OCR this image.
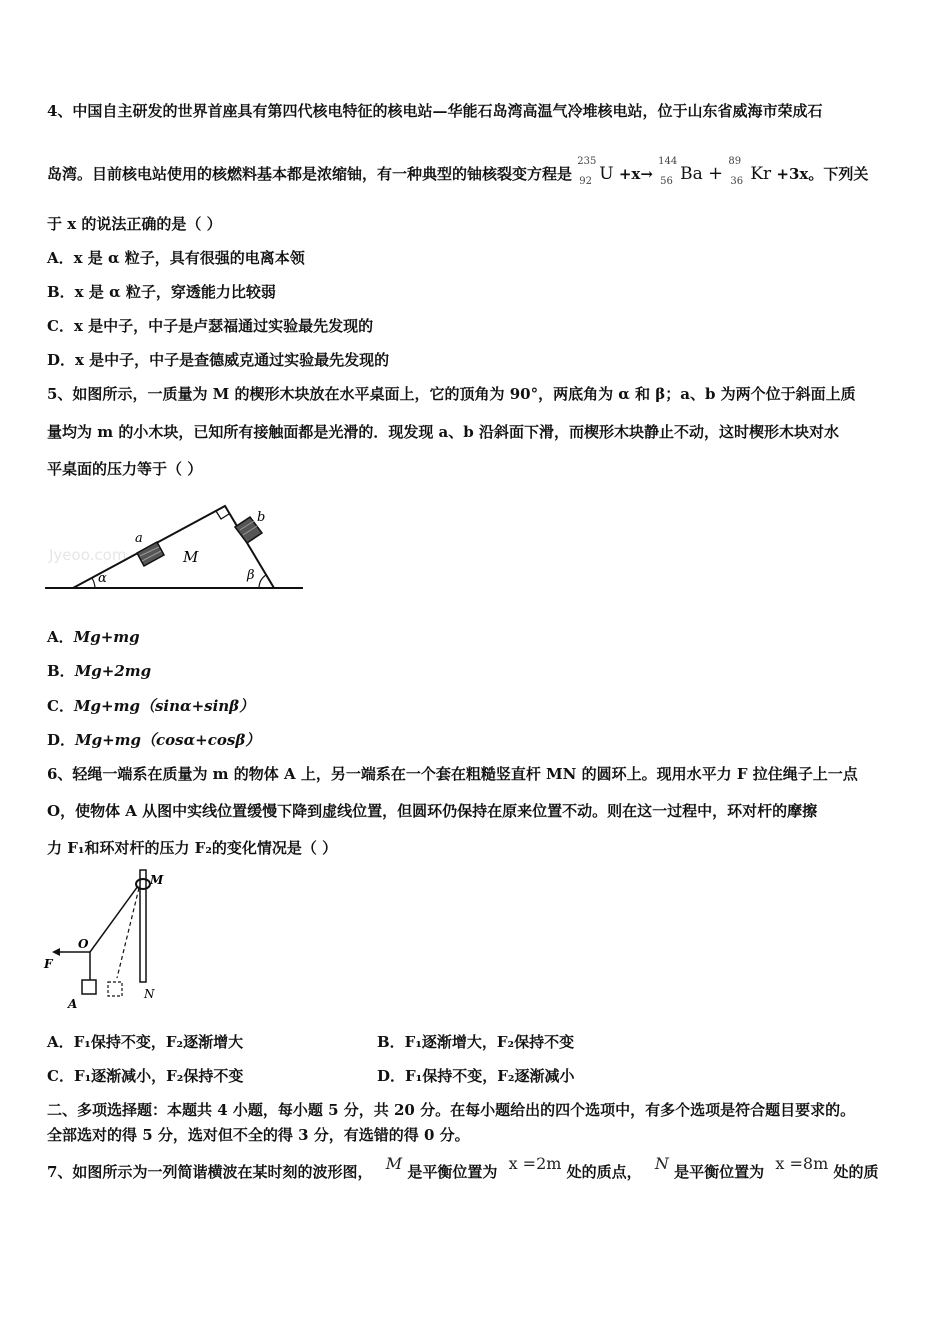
4、中国自主研发的世界首座具有第四代核电特征的核电站—华能石岛湾高温气冷堆核电站，位于山东省威海市荣成石
岛湾。目前核电站使用的核燃料基本都是浓缩铀，有一种典型的铀核裂变方程是
235
92 U +x→
144
56 Ba +
89
36 Kr +3x。下列关
于 x 的说法正确的是（ ）
A．x 是 α 粒子，具有很强的电离本领
B．x 是 α 粒子，穿透能力比较弱
C．x 是中子，中子是卢瑟福通过实验最先发现的
D．x 是中子，中子是查德威克通过实验最先发现的
5、如图所示，一质量为 M 的楔形木块放在水平桌面上，它的顶角为 90°，两底角为 α 和 β；a、b 为两个位于斜面上质
量均为 m 的小木块，已知所有接触面都是光滑的．现发现 a、b 沿斜面下滑，而楔形木块静止不动，这时楔形木块对水
平桌面的压力等于（ ）
Jyeoo.com
a
b
M
α	β
A．Mg+mg
B．Mg+2mg
C．Mg+mg（sinα+sinβ）
D．Mg+mg（cosα+cosβ）
6、轻绳一端系在质量为 m 的物体 A 上，另一端系在一个套在粗糙竖直杆 MN 的圆环上。现用水平力 F 拉住绳子上一点
O，使物体 A 从图中实线位置缓慢下降到虚线位置，但圆环仍保持在原来位置不动。则在这一过程中，环对杆的摩擦
力 F₁和环对杆的压力 F₂的变化情况是（ ）
M
N
O
F
A
A．F₁保持不变，F₂逐渐增大	B．F₁逐渐增大，F₂保持不变
C．F₁逐渐减小，F₂保持不变	D．F₁保持不变，F₂逐渐减小
二、多项选择题：本题共 4 小题，每小题 5 分，共 20 分。在每小题给出的四个选项中，有多个选项是符合题目要求的。
全部选对的得 5 分，选对但不全的得 3 分，有选错的得 0 分。
7、如图所示为一列简谐横波在某时刻的波形图， M 是平衡位置为 x =2m 处的质点， N 是平衡位置为 x =8m 处的质
